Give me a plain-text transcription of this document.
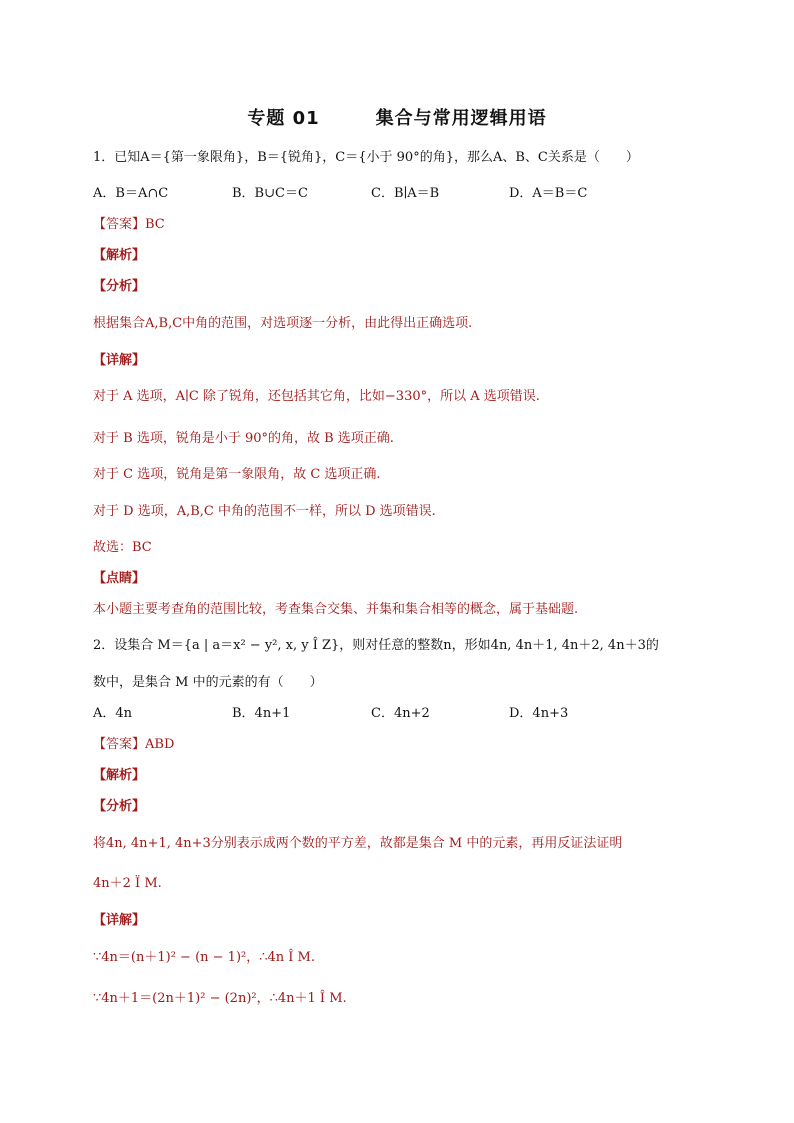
专题 01	集合与常用逻辑用语
1．已知A＝{第一象限角}，B＝{锐角}，C＝{小于 90°的角}，那么A、B、C关系是（　　）
A．B＝A∩C	B．B∪C＝C	C．B∣A＝B	D．A＝B＝C
【答案】BC
【解析】
【分析】
根据集合A,B,C中角的范围，对选项逐一分析，由此得出正确选项.
【详解】
对于 A 选项，A∣C 除了锐角，还包括其它角，比如−330°，所以 A 选项错误.
对于 B 选项，锐角是小于 90°的角，故 B 选项正确.
对于 C 选项，锐角是第一象限角，故 C 选项正确.
对于 D 选项，A,B,C 中角的范围不一样，所以 D 选项错误.
故选：BC
【点睛】
本小题主要考查角的范围比较，考查集合交集、并集和集合相等的概念，属于基础题.
2．设集合 M＝{a | a＝x² − y², x, y Î Z}，则对任意的整数n，形如4n, 4n＋1, 4n＋2, 4n＋3的
数中，是集合 M 中的元素的有（　　）
A．4n	B．4n+1	C．4n+2	D．4n+3
【答案】ABD
【解析】
【分析】
将4n, 4n+1, 4n+3分别表示成两个数的平方差，故都是集合 M 中的元素，再用反证法证明
4n＋2 Ï M.
【详解】
∵4n＝(n＋1)² − (n − 1)²，∴4n Î M.
∵4n＋1＝(2n＋1)² − (2n)²，∴4n＋1 Î M.
